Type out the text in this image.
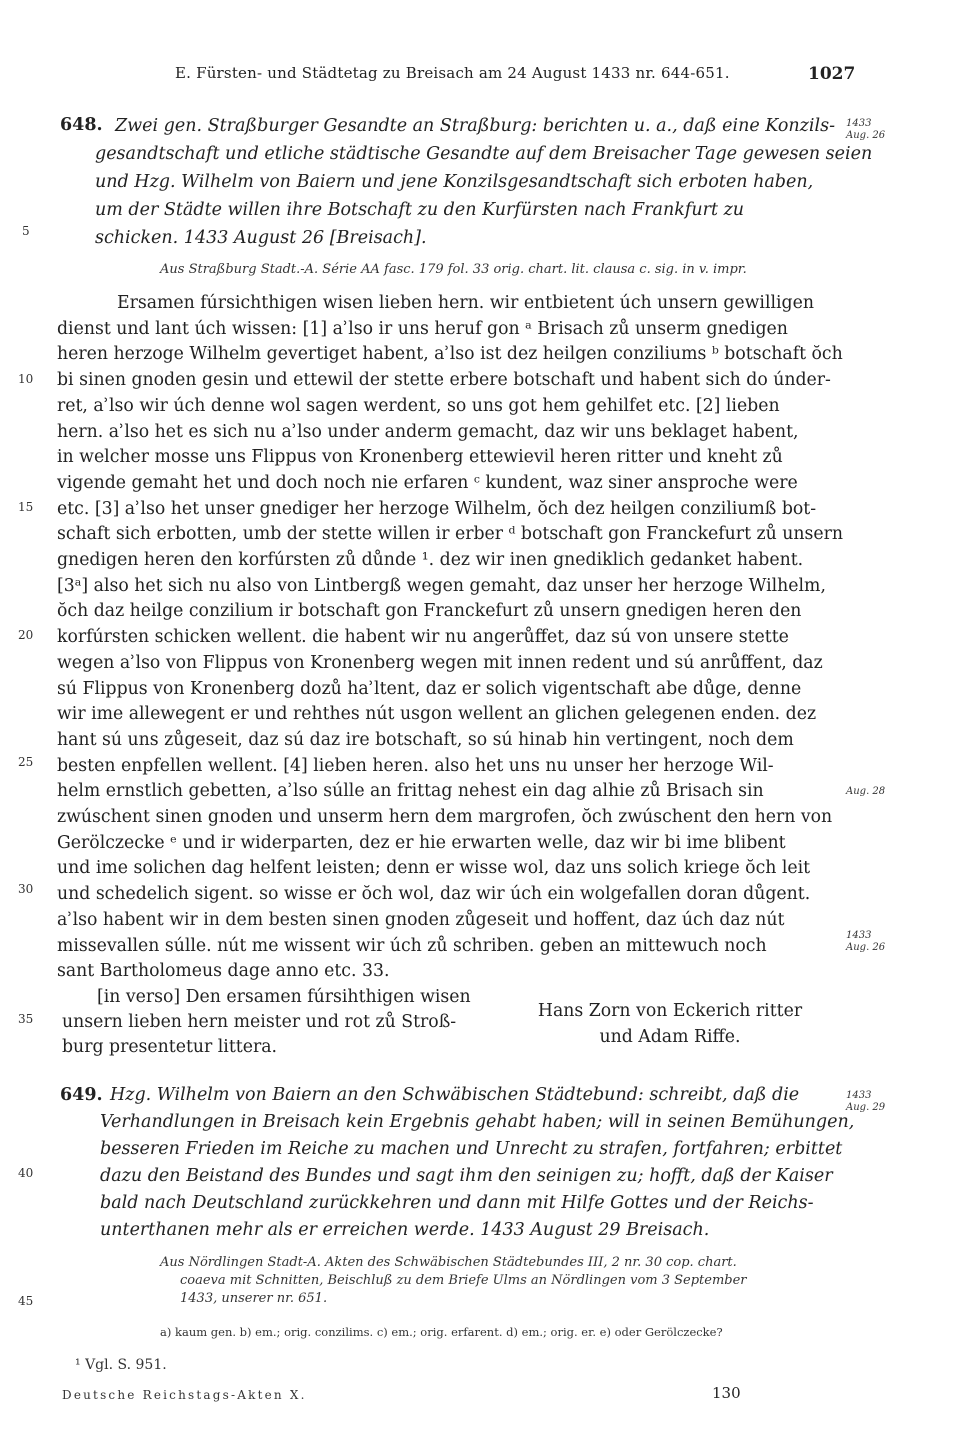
E. Fürsten- und Städtetag zu Breisach am 24 August 1433 nr. 644-651.	1027
648. Zwei gen. Straßburger Gesandte an Straßburg: berichten u. a., daß eine Konzils-
gesandtschaft und etliche städtische Gesandte auf dem Breisacher Tage gewesen seien
und Hzg. Wilhelm von Baiern und jene Konzilsgesandtschaft sich erboten haben,
um der Städte willen ihre Botschaft zu den Kurfürsten nach Frankfurt zu
schicken. 1433 August 26 [Breisach].
1433
Aug. 26
Aus Straßburg Stadt.-A. Série AA fasc. 179 fol. 33 orig. chart. lit. clausa c. sig. in v. impr.
Ersamen fúrsichthigen wisen lieben hern. wir entbietent úch unsern gewilligen
dienst und lant úch wissen: [1] ẚlso ir uns heruf gon ᵃ Brisach zů unserm gnedigen
heren herzoge Wilhelm gevertiget habent, ẚlso ist dez heilgen conziliums ᵇ botschaft ŏch
bi sinen gnoden gesin und ettewil der stette erbere botschaft und habent sich do únder-
ret, ẚlso wir úch denne wol sagen werdent, so uns got hem gehilfet etc. [2] lieben
hern. ẚlso het es sich nu ẚlso under anderm gemacht, daz wir uns beklaget habent,
in welcher mosse uns Flippus von Kronenberg ettewievil heren ritter und kneht zů
vigende gemaht het und doch noch nie erfaren ᶜ kundent, waz siner ansproche were
etc. [3] ẚlso het unser gnediger her herzoge Wilhelm, ŏch dez heilgen conziliumß bot-
schaft sich erbotten, umb der stette willen ir erber ᵈ botschaft gon Franckefurt zů unsern
gnedigen heren den korfúrsten zů důnde ¹. dez wir inen gnediklich gedanket habent.
[3ᵃ] also het sich nu also von Lintbergß wegen gemaht, daz unser her herzoge Wilhelm,
ŏch daz heilge conzilium ir botschaft gon Franckefurt zů unsern gnedigen heren den
korfúrsten schicken wellent. die habent wir nu angerůffet, daz sú von unsere stette
wegen ẚlso von Flippus von Kronenberg wegen mit innen redent und sú anrůffent, daz
sú Flippus von Kronenberg dozů hẚltent, daz er solich vigentschaft abe důge, denne
wir ime allewegent er und rehthes nút usgon wellent an glichen gelegenen enden. dez
hant sú uns zůgeseit, daz sú daz ire botschaft, so sú hinab hin vertingent, noch dem
besten enpfellen wellent. [4] lieben heren. also het uns nu unser her herzoge Wil-
helm ernstlich gebetten, ẚlso súlle an frittag nehest ein dag alhie zů Brisach sin
zwúschent sinen gnoden und unserm hern dem margrofen, ŏch zwúschent den hern von
Gerölczecke ᵉ und ir widerparten, dez er hie erwarten welle, daz wir bi ime blibent
und ime solichen dag helfent leisten; denn er wisse wol, daz uns solich kriege ŏch leit
und schedelich sigent. so wisse er ŏch wol, daz wir úch ein wolgefallen doran důgent.
ẚlso habent wir in dem besten sinen gnoden zůgeseit und hoffent, daz úch daz nút
missevallen súlle. nút me wissent wir úch zů schriben. geben an mittewuch noch
sant Bartholomeus dage anno etc. 33.
Aug. 28
1433
Aug. 26
[in verso] Den ersamen fúrsihthigen wisen
unsern lieben hern meister und rot zů Stroß-
burg presentetur littera.
Hans Zorn von Eckerich ritter
und Adam Riffe.
649. Hzg. Wilhelm von Baiern an den Schwäbischen Städtebund: schreibt, daß die
Verhandlungen in Breisach kein Ergebnis gehabt haben; will in seinen Bemühungen,
besseren Frieden im Reiche zu machen und Unrecht zu strafen, fortfahren; erbittet
dazu den Beistand des Bundes und sagt ihm den seinigen zu; hofft, daß der Kaiser
bald nach Deutschland zurückkehren und dann mit Hilfe Gottes und der Reichs-
unterthanen mehr als er erreichen werde. 1433 August 29 Breisach.
1433
Aug. 29
Aus Nördlingen Stadt-A. Akten des Schwäbischen Städtebundes III, 2 nr. 30 cop. chart.
coaeva mit Schnitten, Beischluß zu dem Briefe Ulms an Nördlingen vom 3 September
1433, unserer nr. 651.
a) kaum gen. b) em.; orig. conzilims. c) em.; orig. erfarent. d) em.; orig. er. e) oder Gerölczecke?
¹ Vgl. S. 951.
5
10
15
20
25
30
35
40
45
Deutsche Reichstags-Akten X.	130
